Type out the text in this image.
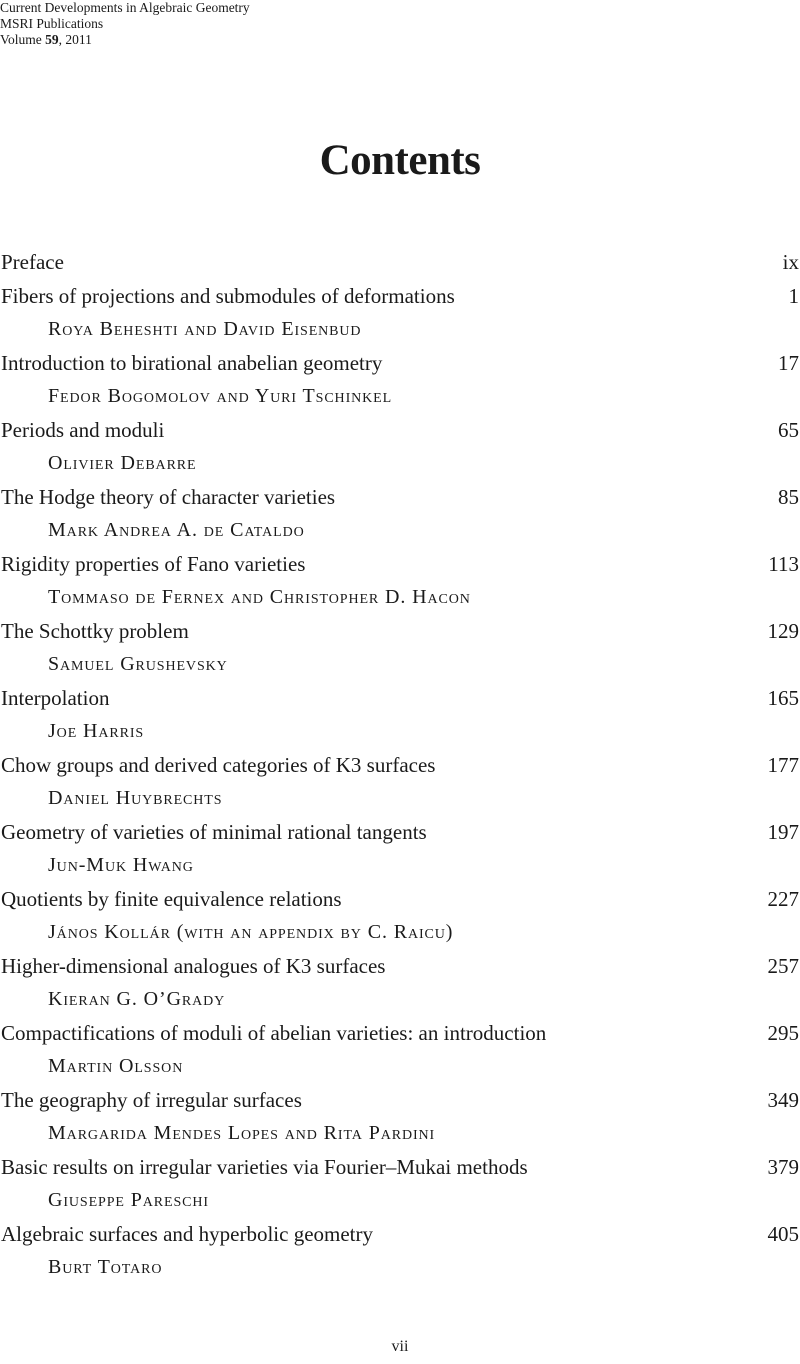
Current Developments in Algebraic Geometry
MSRI Publications
Volume 59, 2011
Contents
Preface	ix
Fibers of projections and submodules of deformations	1
Roya Beheshti and David Eisenbud
Introduction to birational anabelian geometry	17
Fedor Bogomolov and Yuri Tschinkel
Periods and moduli	65
Olivier Debarre
The Hodge theory of character varieties	85
Mark Andrea A. de Cataldo
Rigidity properties of Fano varieties	113
Tommaso de Fernex and Christopher D. Hacon
The Schottky problem	129
Samuel Grushevsky
Interpolation	165
Joe Harris
Chow groups and derived categories of K3 surfaces	177
Daniel Huybrechts
Geometry of varieties of minimal rational tangents	197
Jun-Muk Hwang
Quotients by finite equivalence relations	227
János Kollár (with an appendix by C. Raicu)
Higher-dimensional analogues of K3 surfaces	257
Kieran G. O’Grady
Compactifications of moduli of abelian varieties: an introduction	295
Martin Olsson
The geography of irregular surfaces	349
Margarida Mendes Lopes and Rita Pardini
Basic results on irregular varieties via Fourier–Mukai methods	379
Giuseppe Pareschi
Algebraic surfaces and hyperbolic geometry	405
Burt Totaro
vii
